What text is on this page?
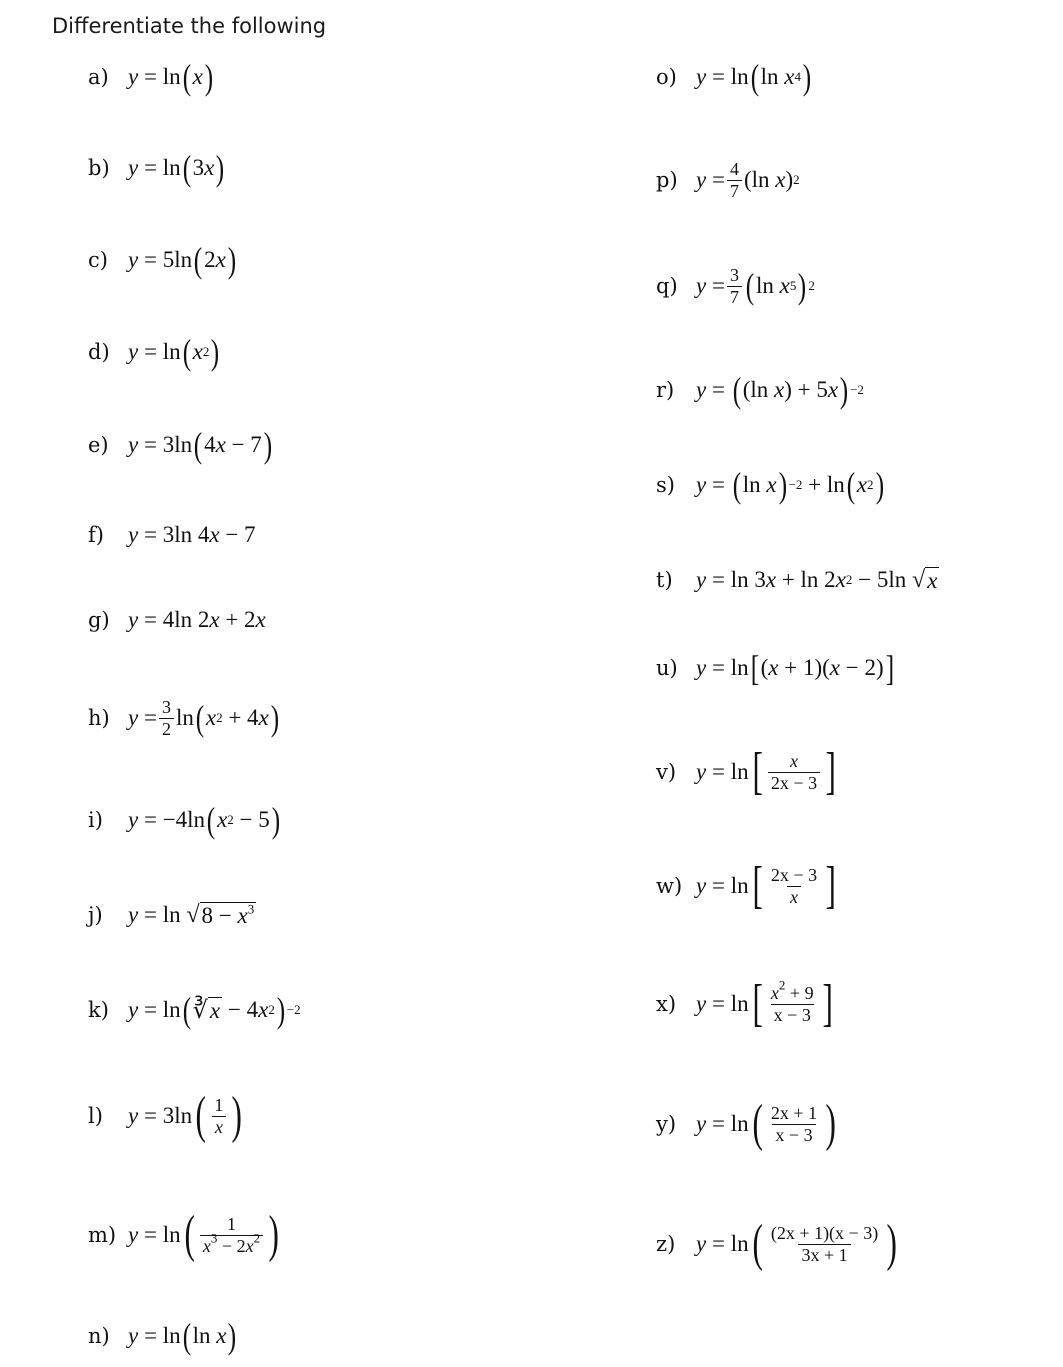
Differentiate the following
a) y = ln ( x )
b) y = ln ( 3 x )
c) y = 5ln ( 2 x )
d) y = ln ( x 2 )
e) y = 3ln ( 4 x − 7 )
f)	y = 3ln 4 x − 7
g) y = 4ln 2 x + 2 x
h) $y = \frac{3}{2}$ ln ( x 2 + 4 x )
i)	y = −4ln ( x 2 − 5 )
j)	y = ln √ $8 - x^3$
k) y = ln ( ∛ x − 4 x 2 ) −2
l)	y = 3ln ( $\frac{1}{x}$ )
m) y = ln ( $\frac{1}{x^3 - 2x^2}$ )
n) y = ln ( ln x )
o) y = ln ( ln x 4 )
p) $y = \frac{4}{7} (\ln$ x ) 2
q) $y = \frac{3}{7}$ ( ln x 5 ) 2
r) y = ( (ln x ) + 5 x ) −2
s) y = ( ln x ) −2 + ln ( x 2 )
t)	y = ln 3 x + ln 2 x 2 − 5ln √ x
u) y = ln [ ( x + 1)( x − 2) ]
v) y = ln [ $\frac{x}{2x - 3}$ ]
w) y = ln [ $\frac{2x - 3}{x}$ ]
x) y = ln [ $\frac{x^2 + 9}{x - 3}$ ]
y) y = ln ( $\frac{2x + 1}{x - 3}$ )
z) y = ln ( $\frac{(2x + 1)(x - 3)}{3x + 1}$ )
